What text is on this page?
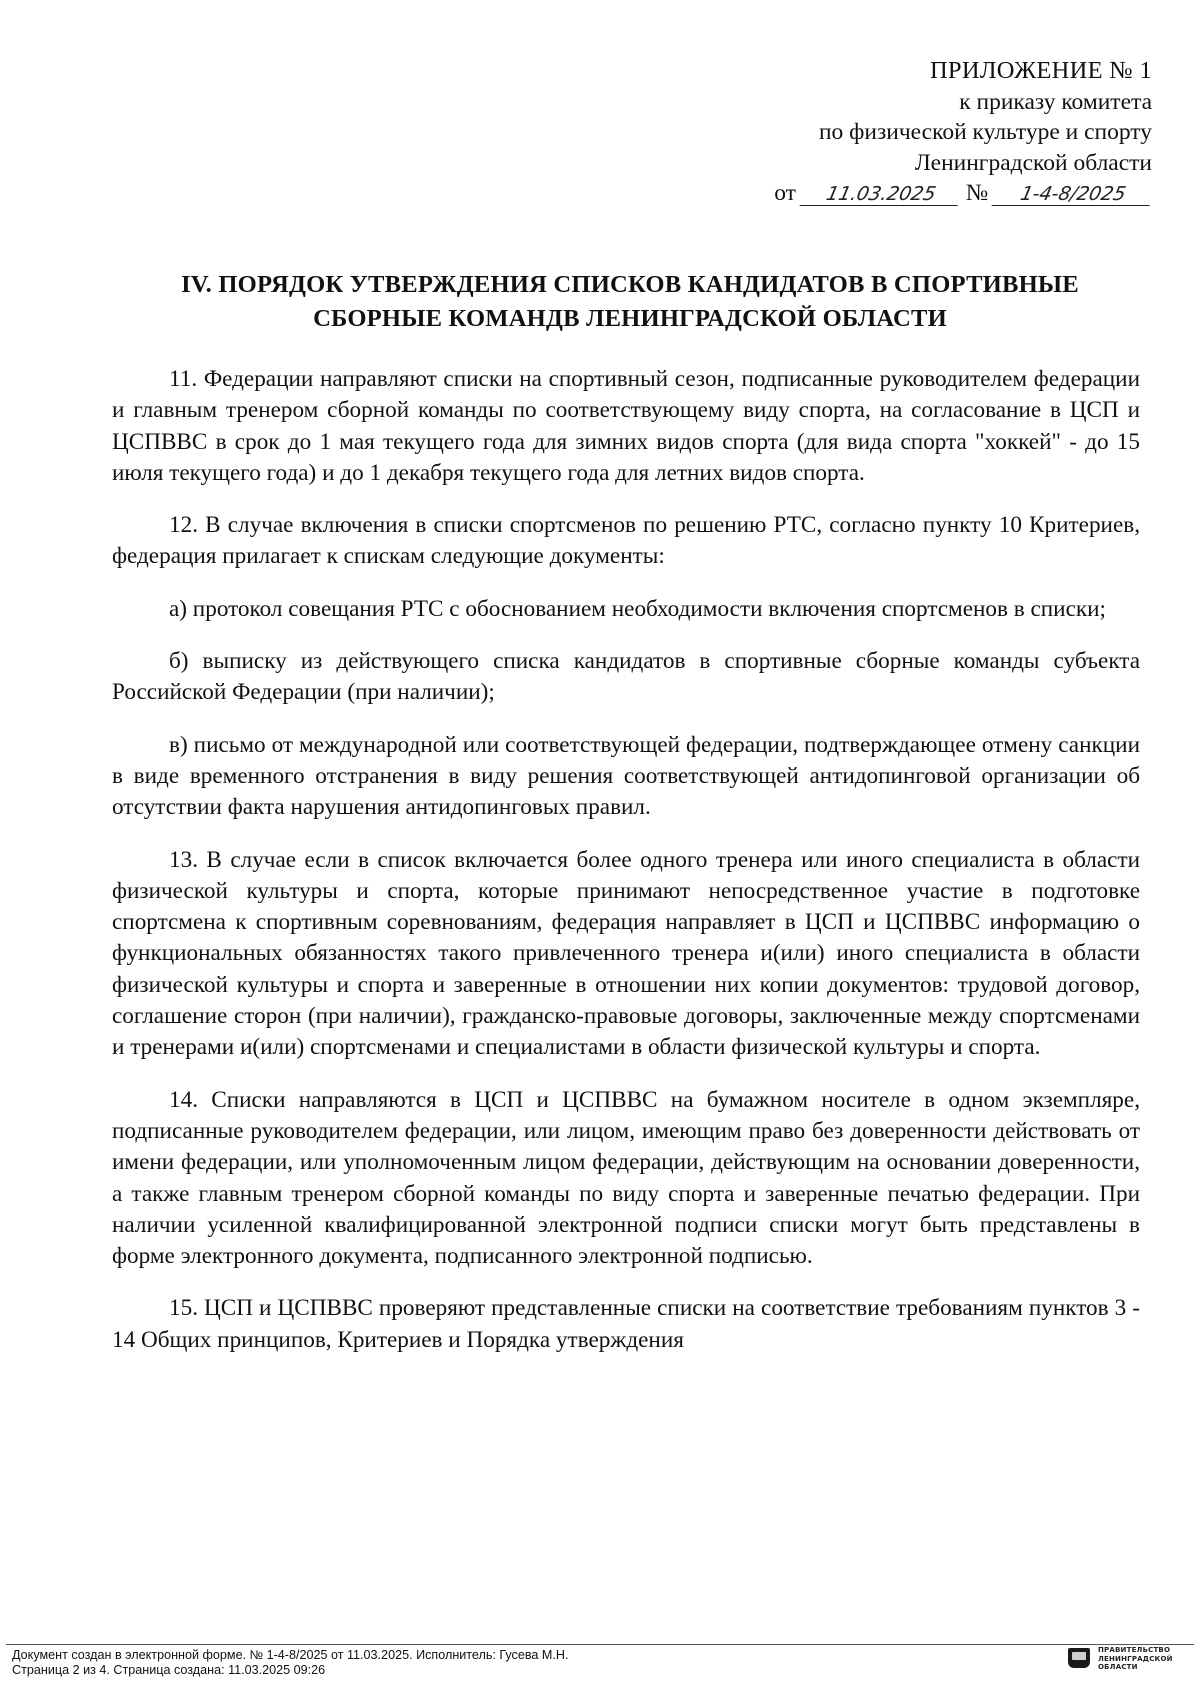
ПРИЛОЖЕНИЕ № 1
к приказу комитета
по физической культуре и спорту
Ленинградской области
от 11.03.2025 № 1-4-8/2025
IV. ПОРЯДОК УТВЕРЖДЕНИЯ СПИСКОВ КАНДИДАТОВ В СПОРТИВНЫЕ
СБОРНЫЕ КОМАНДВ ЛЕНИНГРАДСКОЙ ОБЛАСТИ

11. Федерации направляют списки на спортивный сезон, подписанные руководителем федерации и главным тренером сборной команды по соответствующему виду спорта, на согласование в ЦСП и ЦСПВВС в срок до 1 мая текущего года для зимних видов спорта (для вида спорта "хоккей" - до 15 июля текущего года) и до 1 декабря текущего года для летних видов спорта.

12. В случае включения в списки спортсменов по решению РТС, согласно пункту 10 Критериев, федерация прилагает к спискам следующие документы:

а) протокол совещания РТС с обоснованием необходимости включения спортсменов в списки;

б) выписку из действующего списка кандидатов в спортивные сборные команды субъекта Российской Федерации (при наличии);

в) письмо от международной или соответствующей федерации, подтверждающее отмену санкции в виде временного отстранения в виду решения соответствующей антидопинговой организации об отсутствии факта нарушения антидопинговых правил.

13. В случае если в список включается более одного тренера или иного специалиста в области физической культуры и спорта, которые принимают непосредственное участие в подготовке спортсмена к спортивным соревнованиям, федерация направляет в ЦСП и ЦСПВВС информацию о функциональных обязанностях такого привлеченного тренера и(или) иного специалиста в области физической культуры и спорта и заверенные в отношении них копии документов: трудовой договор, соглашение сторон (при наличии), гражданско-правовые договоры, заключенные между спортсменами и тренерами и(или) спортсменами и специалистами в области физической культуры и спорта.

14. Списки направляются в ЦСП и ЦСПВВС на бумажном носителе в одном экземпляре, подписанные руководителем федерации, или лицом, имеющим право без доверенности действовать от имени федерации, или уполномоченным лицом федерации, действующим на основании доверенности, а также главным тренером сборной команды по виду спорта и заверенные печатью федерации. При наличии усиленной квалифицированной электронной подписи списки могут быть представлены в форме электронного документа, подписанного электронной подписью.

15. ЦСП и ЦСПВВС проверяют представленные списки на соответствие требованиям пунктов 3 - 14 Общих принципов, Критериев и Порядка утверждения

Документ создан в электронной форме. № 1-4-8/2025 от 11.03.2025. Исполнитель: Гусева М.Н.
Страница 2 из 4. Страница создана: 11.03.2025 09:26
ПРАВИТЕЛЬСТВО
ЛЕНИНГРАДСКОЙ
ОБЛАСТИ
